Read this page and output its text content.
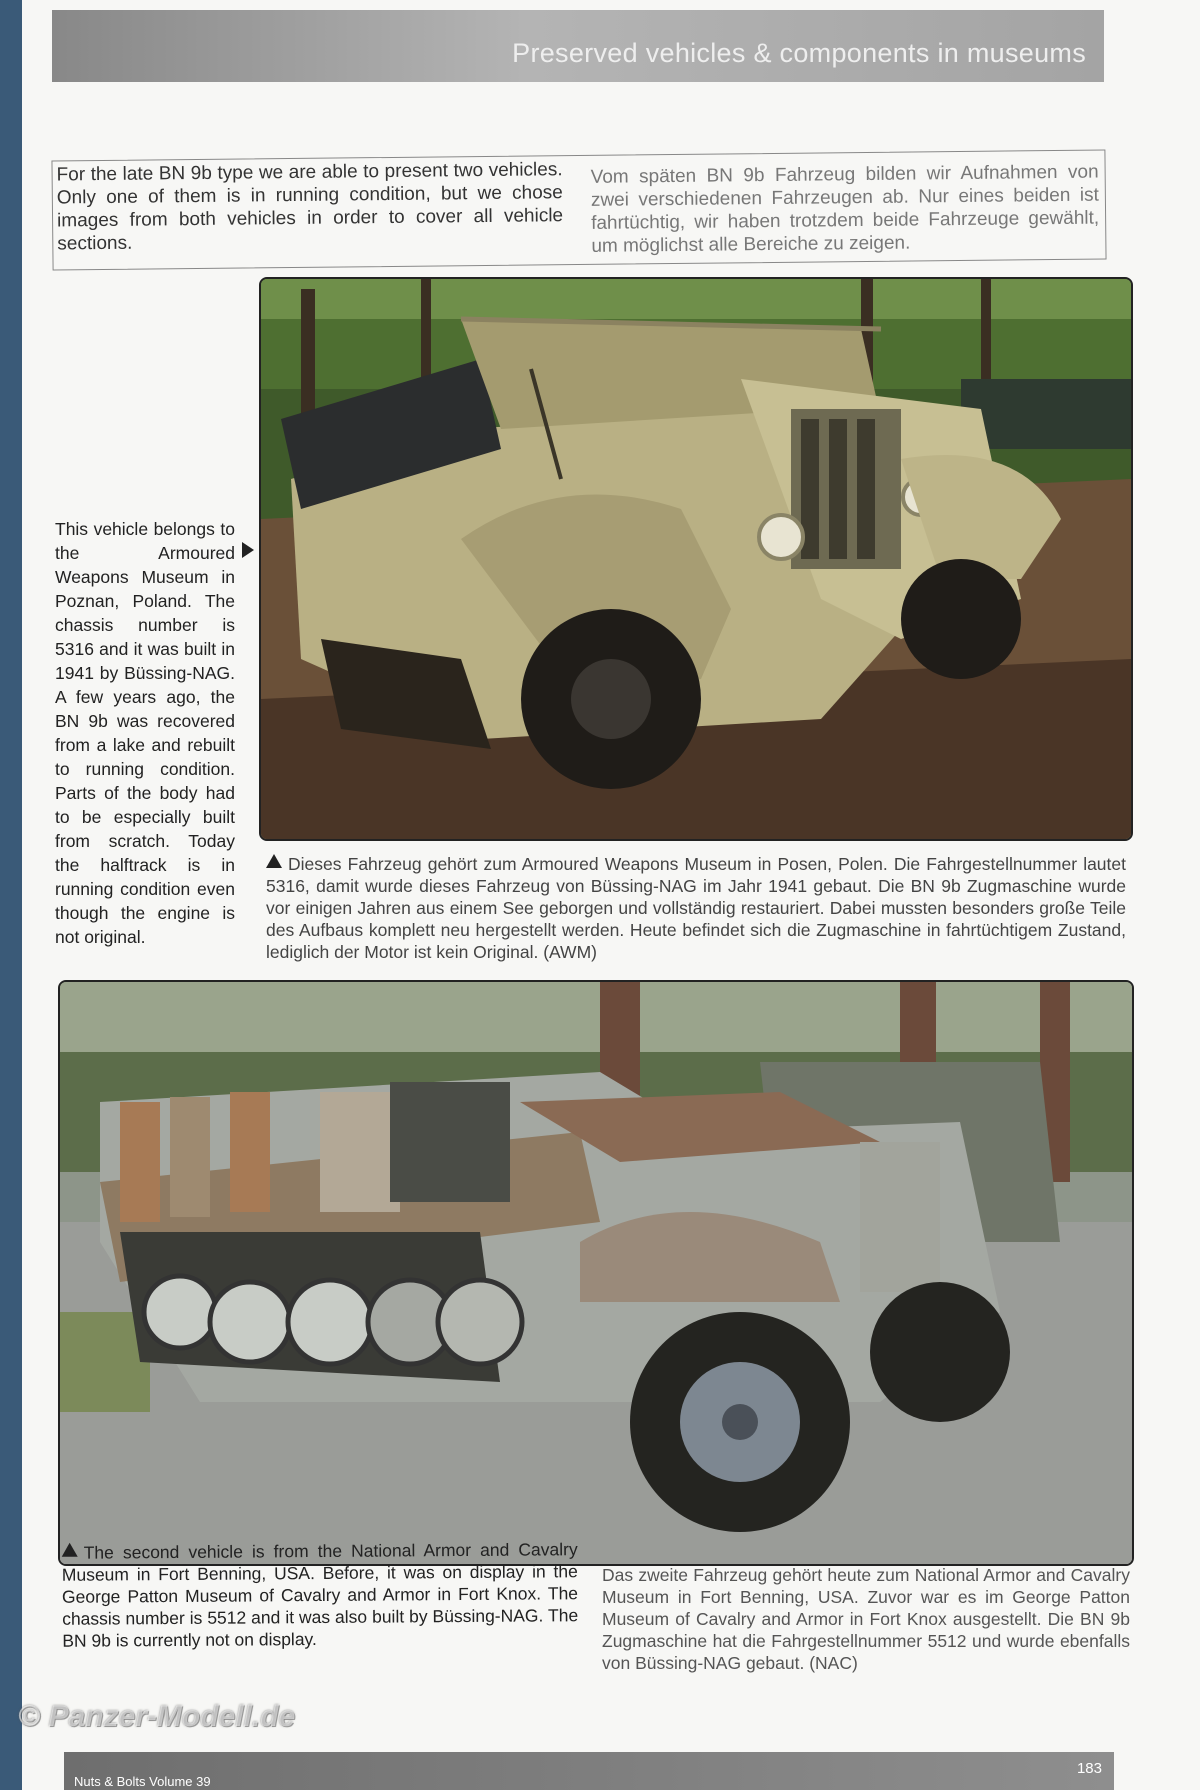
Preserved vehicles & components in museums
For the late BN 9b type we are able to present two vehicles. Only one of them is in running condition, but we chose images from both vehicles in order to cover all vehicle sections.
Vom späten BN 9b Fahrzeug bilden wir Aufnahmen von zwei verschiedenen Fahrzeugen ab. Nur eines beiden ist fahrtüchtig, wir haben trotzdem beide Fahrzeuge gewählt, um möglichst alle Bereiche zu zeigen.
This vehicle belongs to the Armoured Weapons Museum in Poznan, Poland. The chassis number is 5316 and it was built in 1941 by Büssing-NAG. A few years ago, the BN 9b was recovered from a lake and rebuilt to running condition. Parts of the body had to be especially built from scratch. Today the halftrack is in running condition even though the engine is not original.
Dieses Fahrzeug gehört zum Armoured Weapons Museum in Posen, Polen. Die Fahrgestellnummer lautet 5316, damit wurde dieses Fahrzeug von Büssing-NAG im Jahr 1941 gebaut. Die BN 9b Zugmaschine wurde vor einigen Jahren aus einem See geborgen und vollständig restauriert. Dabei mussten besonders große Teile des Aufbaus komplett neu hergestellt werden. Heute befindet sich die Zugmaschine in fahrtüchtigem Zustand, lediglich der Motor ist kein Original. (AWM)
The second vehicle is from the National Armor and Cavalry Museum in Fort Benning, USA. Before, it was on display in the George Patton Museum of Cavalry and Armor in Fort Knox. The chassis number is 5512 and it was also built by Büssing-NAG. The BN 9b is currently not on display.
Das zweite Fahrzeug gehört heute zum National Armor and Cavalry Museum in Fort Benning, USA. Zuvor war es im George Patton Museum of Cavalry and Armor in Fort Knox ausgestellt. Die BN 9b Zugmaschine hat die Fahrgestellnummer 5512 und wurde ebenfalls von Büssing-NAG gebaut. (NAC)
Nuts & Bolts Volume 39
183
© Panzer-Modell.de
